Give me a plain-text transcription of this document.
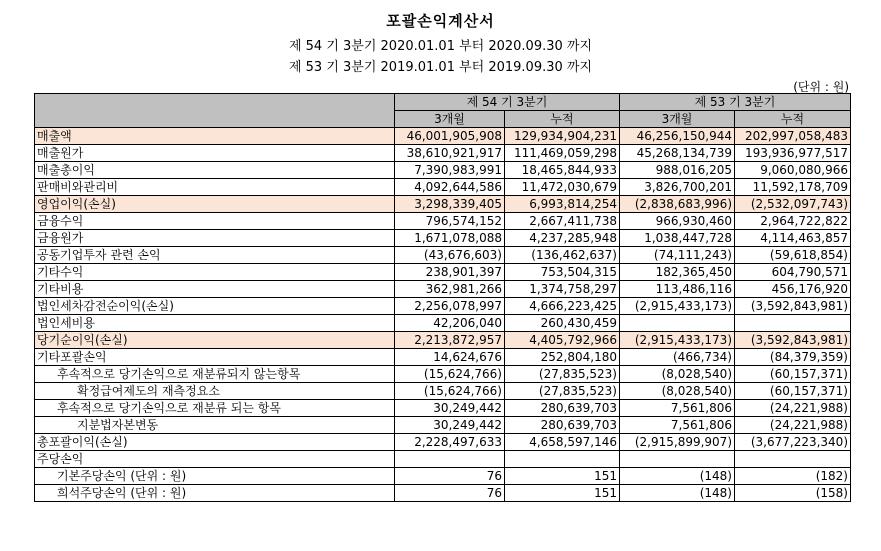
포괄손익계산서
제 54 기 3분기 2020.01.01 부터 2020.09.30 까지
제 53 기 3분기 2019.01.01 부터 2019.09.30 까지
(단위 : 원)
	제 54 기 3분기		제 53 기 3분기	
	3개월	누적	3개월	누적
매출액	46,001,905,908	129,934,904,231	46,256,150,944	202,997,058,483
매출원가	38,610,921,917	111,469,059,298	45,268,134,739	193,936,977,517
매출총이익	7,390,983,991	18,465,844,933	988,016,205	9,060,080,966
판매비와관리비	4,092,644,586	11,472,030,679	3,826,700,201	11,592,178,709
영업이익(손실)	3,298,339,405	6,993,814,254	(2,838,683,996)	(2,532,097,743)
금융수익	796,574,152	2,667,411,738	966,930,460	2,964,722,822
금융원가	1,671,078,088	4,237,285,948	1,038,447,728	4,114,463,857
공동기업투자 관련 손익	(43,676,603)	(136,462,637)	(74,111,243)	(59,618,854)
기타수익	238,901,397	753,504,315	182,365,450	604,790,571
기타비용	362,981,266	1,374,758,297	113,486,116	456,176,920
법인세차감전순이익(손실)	2,256,078,997	4,666,223,425	(2,915,433,173)	(3,592,843,981)
법인세비용	42,206,040	260,430,459		
당기순이익(손실)	2,213,872,957	4,405,792,966	(2,915,433,173)	(3,592,843,981)
기타포괄손익	14,624,676	252,804,180	(466,734)	(84,379,359)
후속적으로 당기손익으로 재분류되지 않는항목	(15,624,766)	(27,835,523)	(8,028,540)	(60,157,371)
확정급여제도의 재측정요소	(15,624,766)	(27,835,523)	(8,028,540)	(60,157,371)
후속적으로 당기손익으로 재분류 되는 항목	30,249,442	280,639,703	7,561,806	(24,221,988)
지분법자본변동	30,249,442	280,639,703	7,561,806	(24,221,988)
총포괄이익(손실)	2,228,497,633	4,658,597,146	(2,915,899,907)	(3,677,223,340)
주당손익				
기본주당손익 (단위 : 원)	76	151	(148)	(182)
희석주당손익 (단위 : 원)	76	151	(148)	(158)
